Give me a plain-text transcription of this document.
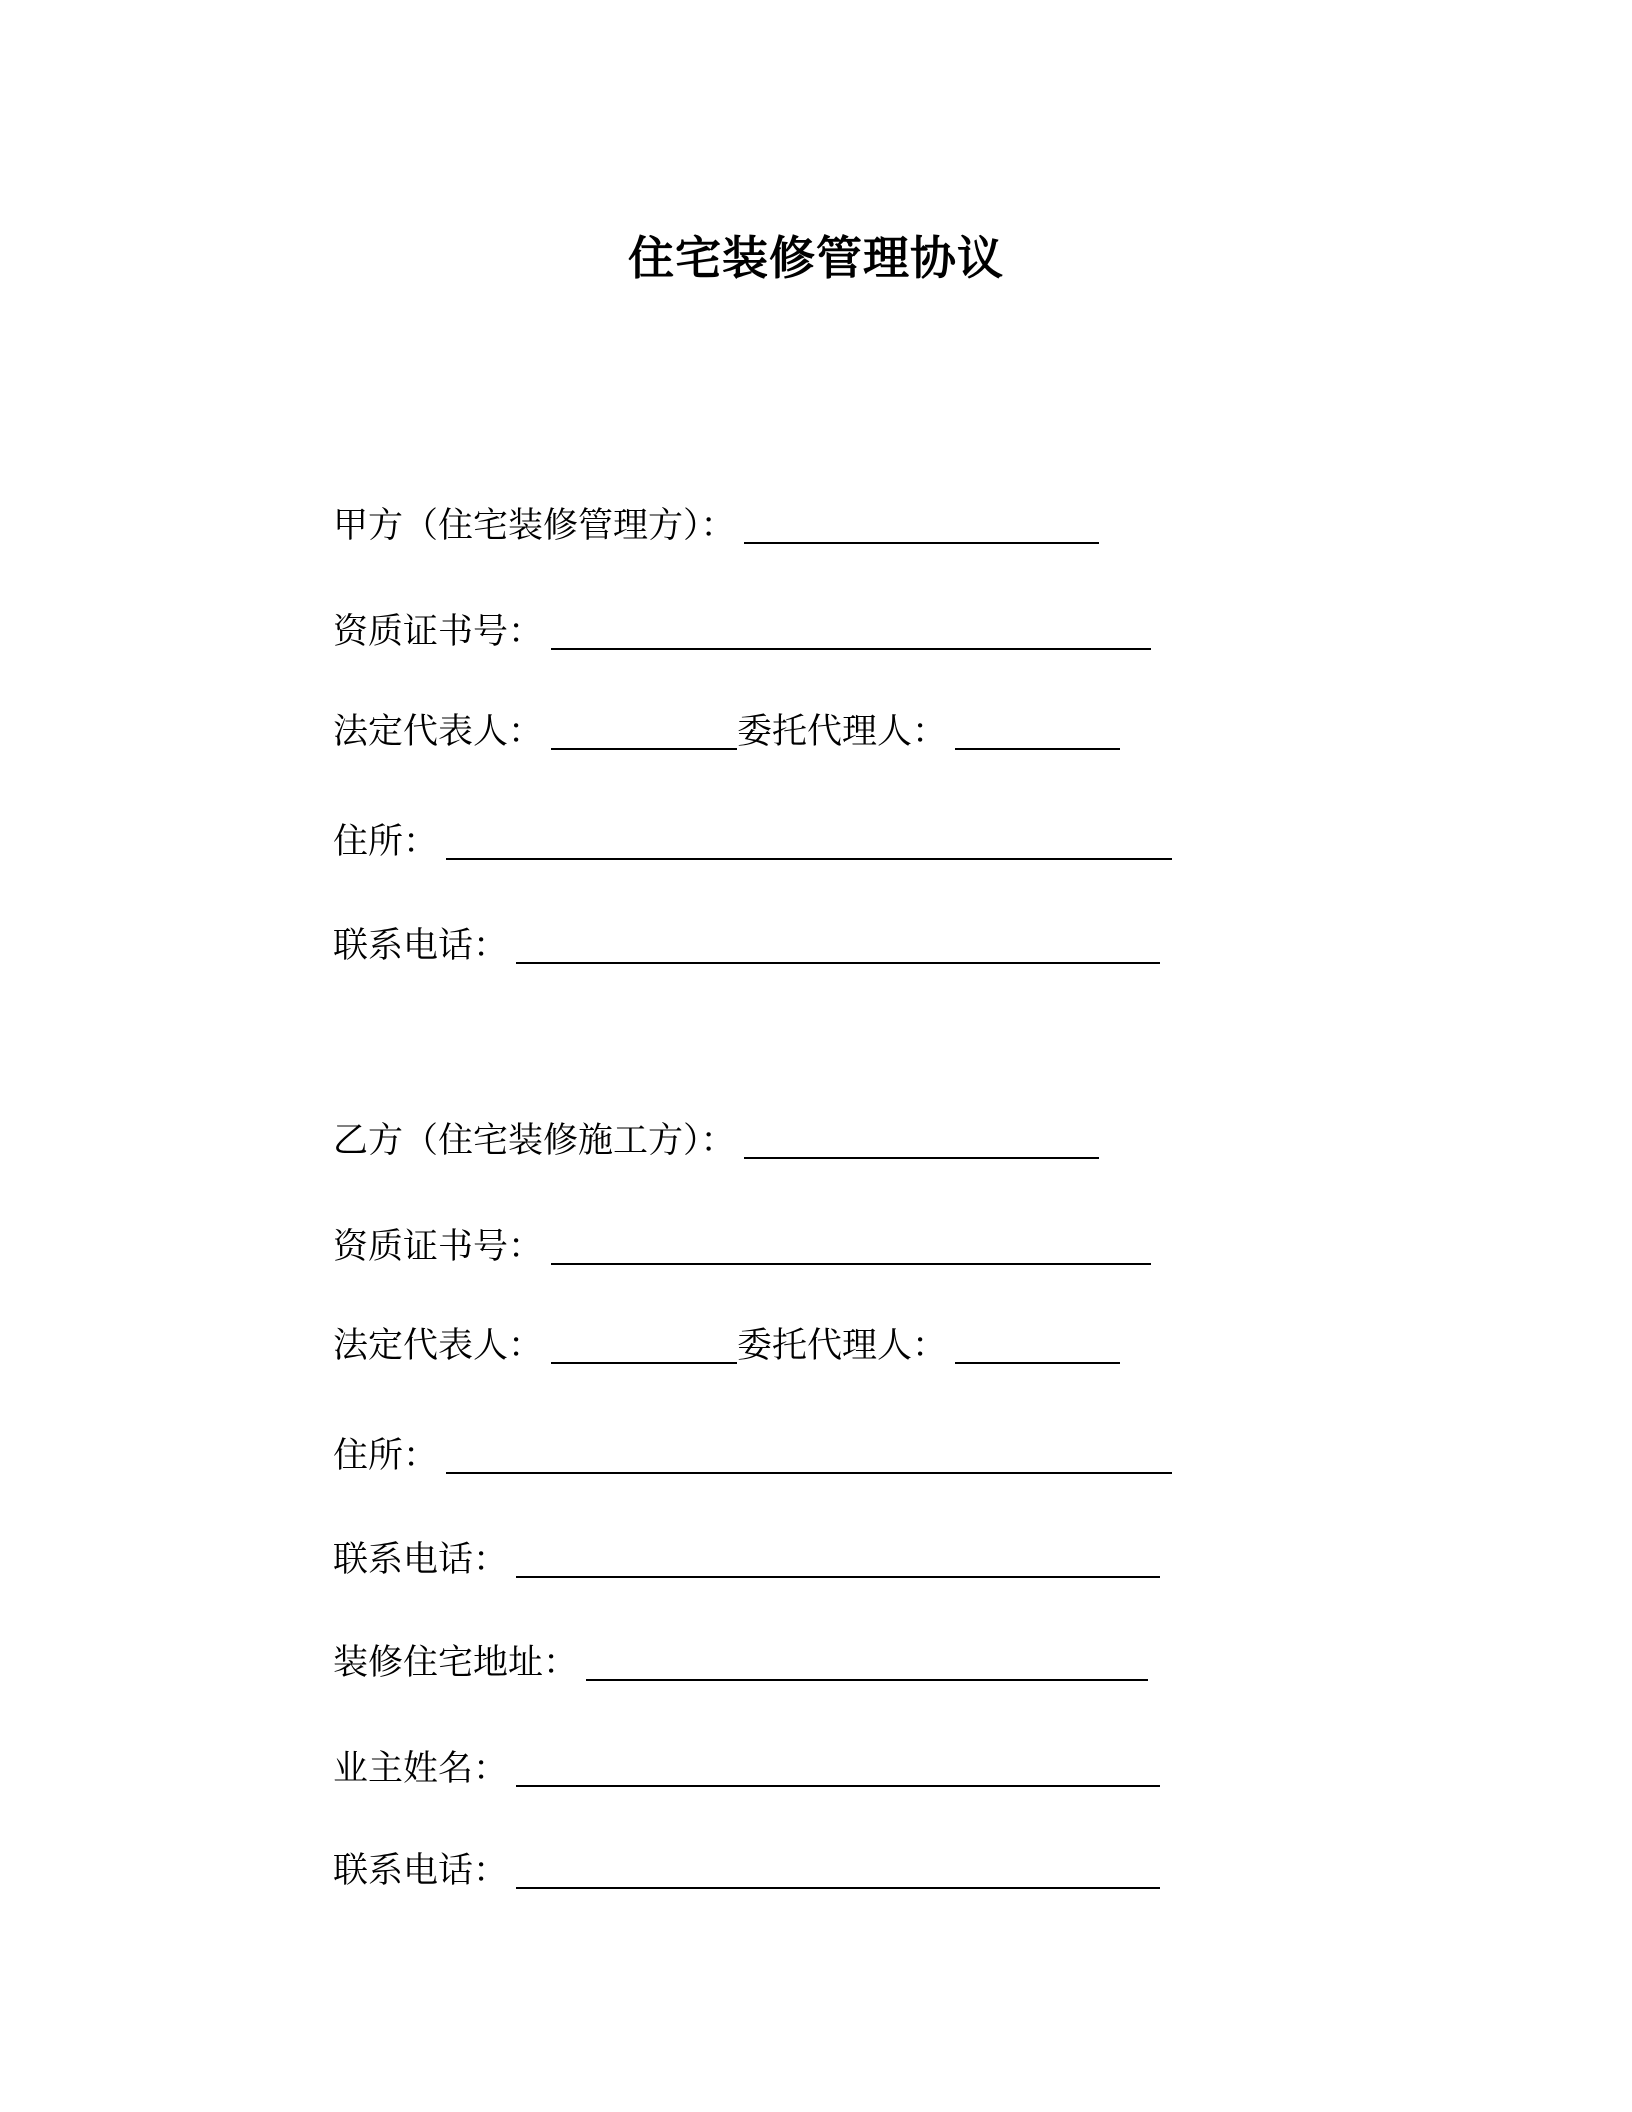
住宅装修管理协议
甲方（住宅装修管理方）：
资质证书号：
法定代表人：	委托代理人：
住所：
联系电话：
乙方（住宅装修施工方）：
资质证书号：
法定代表人：	委托代理人：
住所：
联系电话：
装修住宅地址：
业主姓名：
联系电话：
